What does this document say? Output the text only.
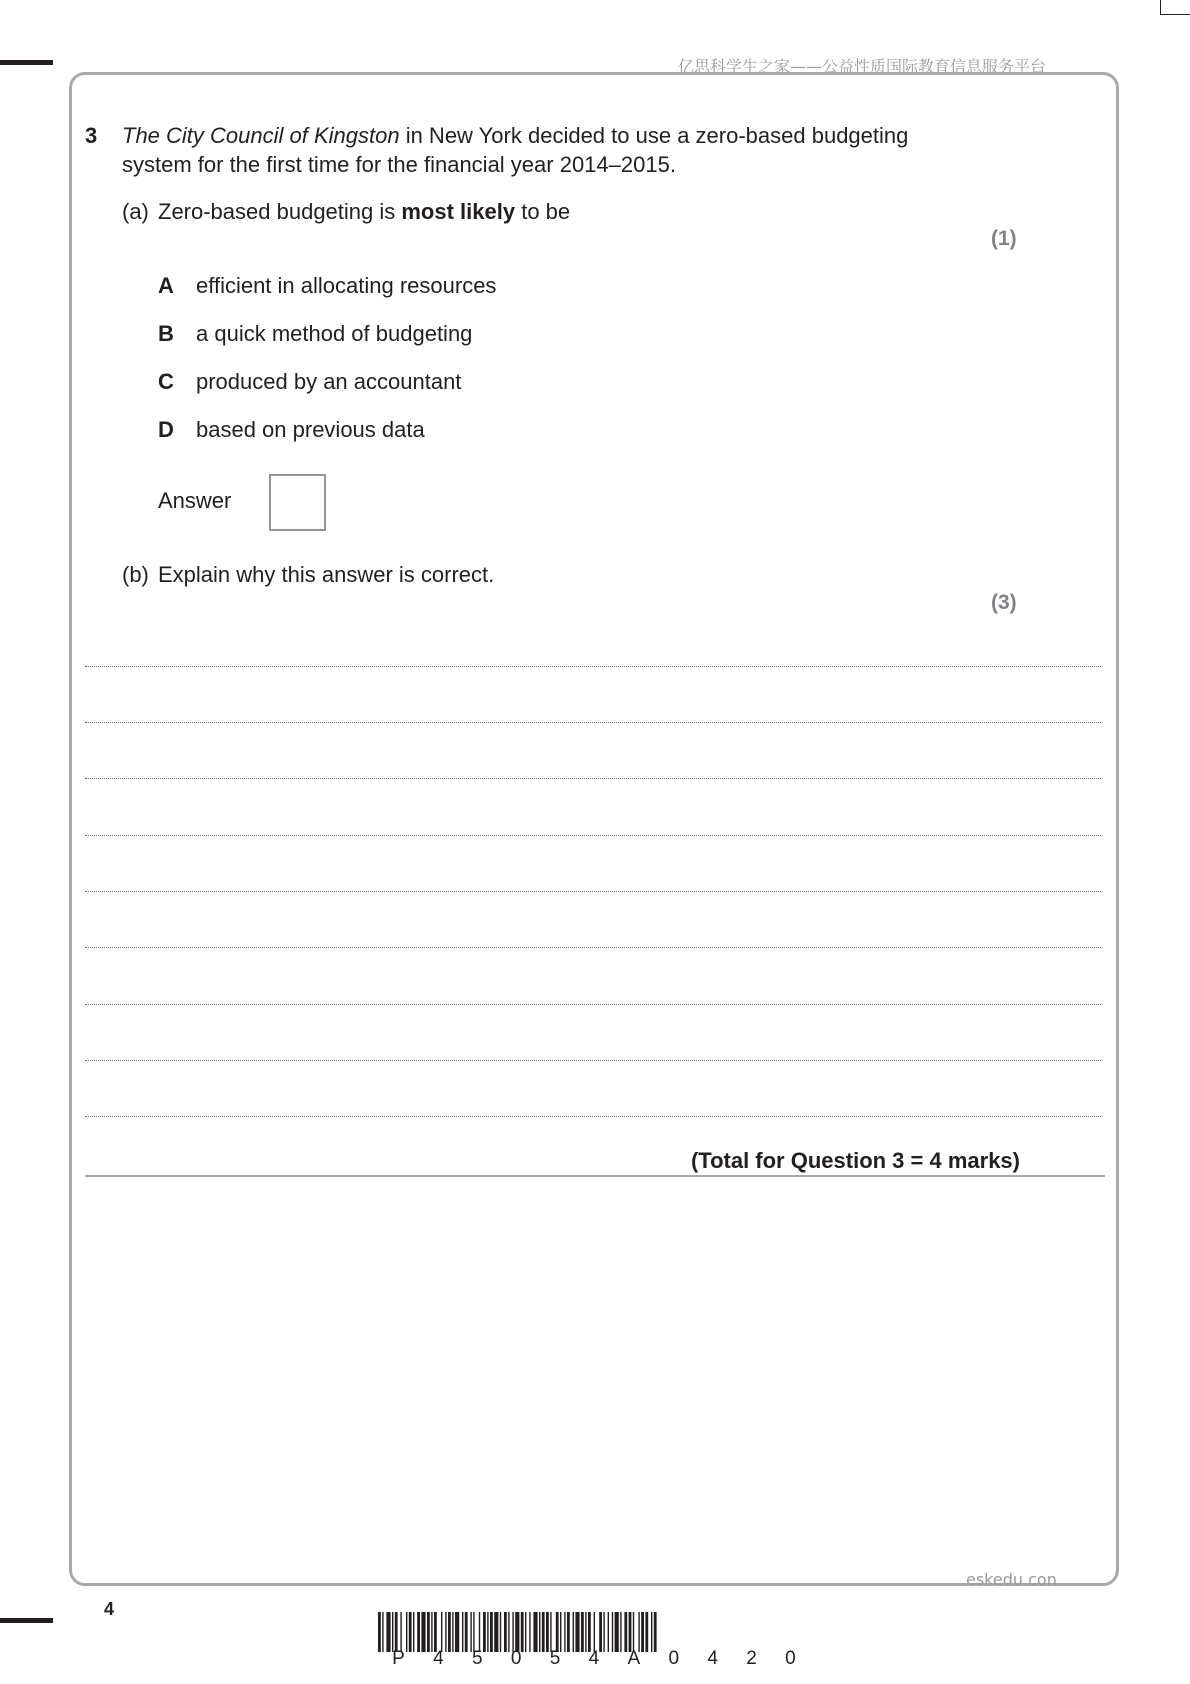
亿思科学生之家——公益性质国际教育信息服务平台
3 The City Council of Kingston in New York decided to use a zero-based budgeting
system for the first time for the financial year 2014–2015.
(a) Zero-based budgeting is most likely to be
(1)
A efficient in allocating resources
B a quick method of budgeting
C produced by an accountant
D based on previous data
Answer
(b) Explain why this answer is correct.
(3)
(Total for Question 3 = 4 marks)
eskedu.con
4
P 4 5 0 5 4 A 0 4 2 0
